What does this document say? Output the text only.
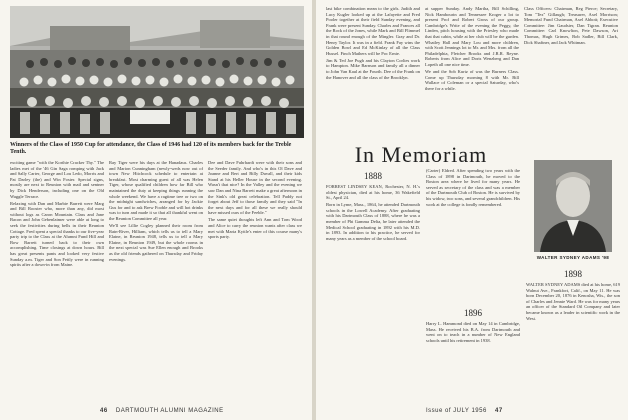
Winners of the Class of 1950 Cup for attendance, the Class of 1946 had 120 of its members back for the Treble Tenth.

exciting game "with the Korthie Cracker Thy." The ladies met of the '46 Gin Saga romping with Jack and Sally Carter, George and Lou Ledo, Morris and Pat Darley (the) and Win Foster. Special signs, mostly are next to Reunion with mail and sentner by Dick Henderson, including one on the Old Waggle Terrace.

Relaxing with Dan and Marbie Barrett were Marg and Bill Rooster who, more than any, did most without logs as Caron Mountain. Class and Jane Bacon and John Gebenlaimer were able at long to seek the festivities during bells in their Reunion Cottage. Fred spent a special thanks to our five-year party trip to the Class at the Alumni Fund Hill and Bow Barrett turned back to their own accomplishing. Time closings at down hours. Bill has great presents pants and looked very festive Sunday a.m. Tiger and Son Fettly were in running spirits after a down-in from Maine.

Ray Tiger were his days at the Hanadaus. Charles and Marion Cunningham (newly-weds now out of town New Hitchcock schedule to entertain at breakfast. Most charming guest of all was Helen Tiger, whose qualified children how far Bill who maintained the duty at keeping things running the whole weekend. We have a ragtime tree or two on the midnight sandwiches, arranged for by Jackie Gus for and to ask Brew Fooble and will hot drinks was to turn and made it so that all thankful went on the Reunion Committee all year.

We'll see Lillie Cogley planned their room from Rain-River, Hilliam, which tells us to tell a Mary Elaine, in Reunion 1948, tells us to tell a Mary Elaine, in Reunion 1949, but the whole rooms in the next special was Sue Ellen enough and Brooks as the old friends gathered on Thursday and Friday evenings.

Dee and Dave Fuhrhardt were with their sons and the Seeder family. And who's in this Ol Dave and Joanne and Bert and Billy Duvall, and their kids Stand at his Heller House in the second evening. Wasn't that nice? In the Valley and the evening we saw Dan and Nina Barrett make a great afternoon in the Sink's old great celebration. Tell Paddy not forget about Jeff to those family and they said "In the next days and for all these we really should have missed ours of the Feeble."

The same quiet thoughts left Ann and Tom Wood and Alice to carry the reunion wants after class we met with Maria Kyttle's enter of this course many's sports party.

46 DARTMOUTH ALUMNI MAGAZINE

last bike combination mean to the girls. Judith and Lucy Kugler looked up at the Lafayette and Fred Pooler together at their field Sunday evening, and Frank were present Sunday. Charles and Frances all the Rock of the Jones, while Mark and Bill Flimmel in that round enough of the Mingler. Gray and Dr. Henry Taylor. It was in a field. Frank Fay wins the Golden Bowl and Ed McKinlay of all the Class Hussel. Finch Mathers will be Poc Ernie.

Jim & Ted Joe Pugh and his Clayton Corlies work to Hampton. Mike Barnson and family all a dinner to John Van Kaul at the Fourth. Dee of the Frank on the Hanover and all the class of the Brooklyn.

at supper Sunday. Andy Martha, Bill Schilling, Nick Hambourin and Tennessee Kroger a lot to present Prof and Robert Gross of our group. Cambridge's Write of the evening the Peggy, the Linden, pitch housing with the Priesley who made that that cabin, while at her club will be the garden. Whatley Hall and Mary Lou and more children, with Scott Jennings lot to Mr. and Mrs. from all the Philadelphia, Fletcher Brooks and J.R.R. Reyne. Roberts from Alice and Doris Wenzberg and Dan Lopeth all one nice time.

We and the Sob Kurtz of was the Burners Class. Come up Thursday morning 8 with Mr. Bill Wallace of Coleman or a special Saturday, who's there for a while.

Class Officers: Chairman, Reg Pierce; Secretary, Tom "Tex" Gillaugh; Treasurer, Axel Morrison; Memorial Fund Chairman, Axel Abbott; Executive Committee: Jim Gaudsier, Dan Tigran. Reunion Committee: Carl Knowlton, Pete Dawson, Art Thomas, Hugh Grimes, Bob Sadler, Bill Clark, Dick Shaftner, and Jack Whitman.

In Memoriam
1888

FORREST LINDSEY KEAN, Rochester, N. H.'s oldest physician, died at his home, 36 Wakefield St., April 24.

Born in Lyme, Mass., 1864, he attended Dartmouth schools in the Lowell Academy. After graduating with his Dartmouth Class of 1888, where he was a member of Phi Gamma Delta, he later attended the Medical School graduating in 1892 with his M.D. in 1893. In addition to his practice, he served for many years as a member of the school board.

(Carter) Eldred. After spending two years with the Class of 1898 in Dartmouth, he moved to the Boston area where he lived for many years. He served as secretary of the class and was a member of the Dartmouth Club of Boston. He is survived by his widow, two sons, and several grandchildren. His work at the college is fondly remembered.

1896

Harry L. Hammond died on May 14 in Cambridge, Mass. He received his B.A. from Dartmouth and went on to teach in a number of New England schools until his retirement in 1938.

WALTER SYDNEY ADAMS '98
1898

WALTER SYDNEY ADAMS died at his home, 619 Walnut Ave., Frankfort, Calif., on May 11. He was born December 20, 1876 in Kenosha, Wis., the son of Charles and Jennie Ward. He was for many years an officer of the Standard Oil Company and later became known as a leader in scientific work in the West.

Issue of JULY 1956 47
